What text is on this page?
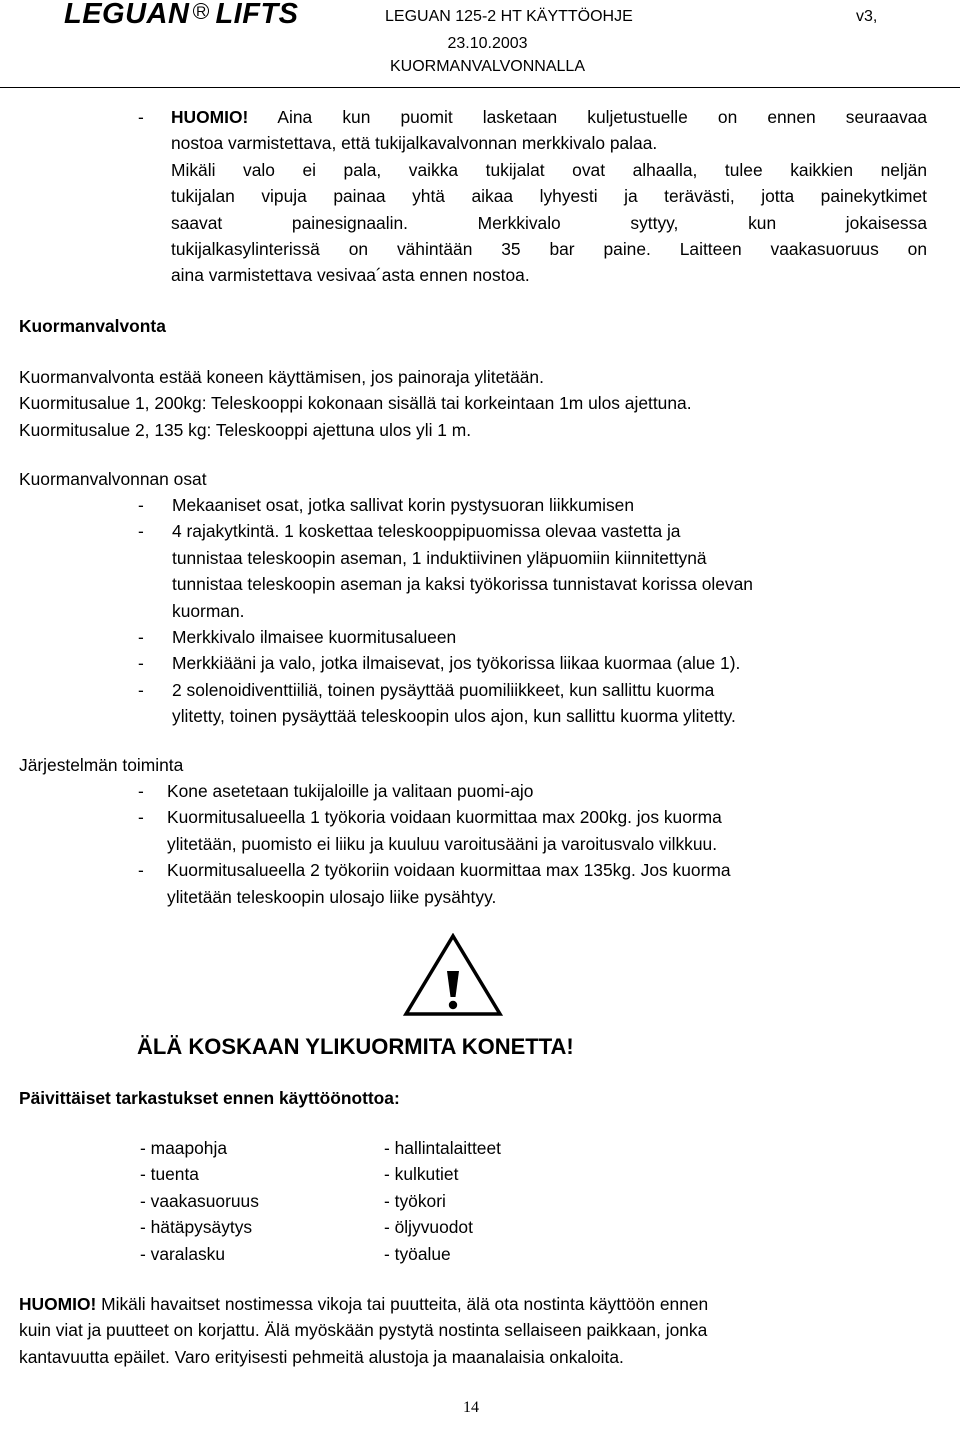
LEGUAN $^R$ LIFTS	LEGUAN 125-2 HT KÄYTTÖOHJE	v3,
23.10.2003
KUORMANVALVONNALLA
- HUOMIO! Aina kun puomit lasketaan kuljetustuelle on ennen seuraavaa
nostoa varmistettava, että tukijalkavalvonnan merkkivalo palaa.
Mikäli valo ei pala, vaikka tukijalat ovat alhaalla, tulee kaikkien neljän
tukijalan vipuja painaa yhtä aikaa lyhyesti ja terävästi, jotta painekytkimet
saavat painesignaalin. Merkkivalo syttyy, kun jokaisessa
tukijalkasylinterissä on vähintään 35 bar paine. Laitteen vaakasuoruus on
aina varmistettava vesivaa´asta ennen nostoa.
Kuormanvalvonta
Kuormanvalvonta estää koneen käyttämisen, jos painoraja ylitetään.
Kuormitusalue 1, 200kg: Teleskooppi kokonaan sisällä tai korkeintaan 1m ulos ajettuna.
Kuormitusalue 2, 135 kg: Teleskooppi ajettuna ulos yli 1 m.
Kuormanvalvonnan osat
- Mekaaniset osat, jotka sallivat korin pystysuoran liikkumisen
- 4 rajakytkintä. 1 koskettaa teleskooppipuomissa olevaa vastetta ja
tunnistaa teleskoopin aseman, 1 induktiivinen yläpuomiin kiinnitettynä
tunnistaa teleskoopin aseman ja kaksi työkorissa tunnistavat korissa olevan
kuorman.
- Merkkivalo ilmaisee kuormitusalueen
- Merkkiääni ja valo, jotka ilmaisevat, jos työkorissa liikaa kuormaa (alue 1).
- 2 solenoidiventtiiliä, toinen pysäyttää puomiliikkeet, kun sallittu kuorma
ylitetty, toinen pysäyttää teleskoopin ulos ajon, kun sallittu kuorma ylitetty.
Järjestelmän toiminta
- Kone asetetaan tukijaloille ja valitaan puomi-ajo
- Kuormitusalueella 1 työkoria voidaan kuormittaa max 200kg. jos kuorma
ylitetään, puomisto ei liiku ja kuuluu varoitusääni ja varoitusvalo vilkkuu.
- Kuormitusalueella 2 työkoriin voidaan kuormittaa max 135kg. Jos kuorma
ylitetään teleskoopin ulosajo liike pysähtyy.
ÄLÄ KOSKAAN YLIKUORMITA KONETTA!
Päivittäiset tarkastukset ennen käyttöönottoa:
- maapohja
- tuenta
- vaakasuoruus
- hätäpysäytys
- varalasku
- hallintalaitteet
- kulkutiet
- työkori
- öljyvuodot
- työalue
HUOMIO! Mikäli havaitset nostimessa vikoja tai puutteita, älä ota nostinta käyttöön ennen
kuin viat ja puutteet on korjattu. Älä myöskään pystytä nostinta sellaiseen paikkaan, jonka
kantavuutta epäilet. Varo erityisesti pehmeitä alustoja ja maanalaisia onkaloita.
14
